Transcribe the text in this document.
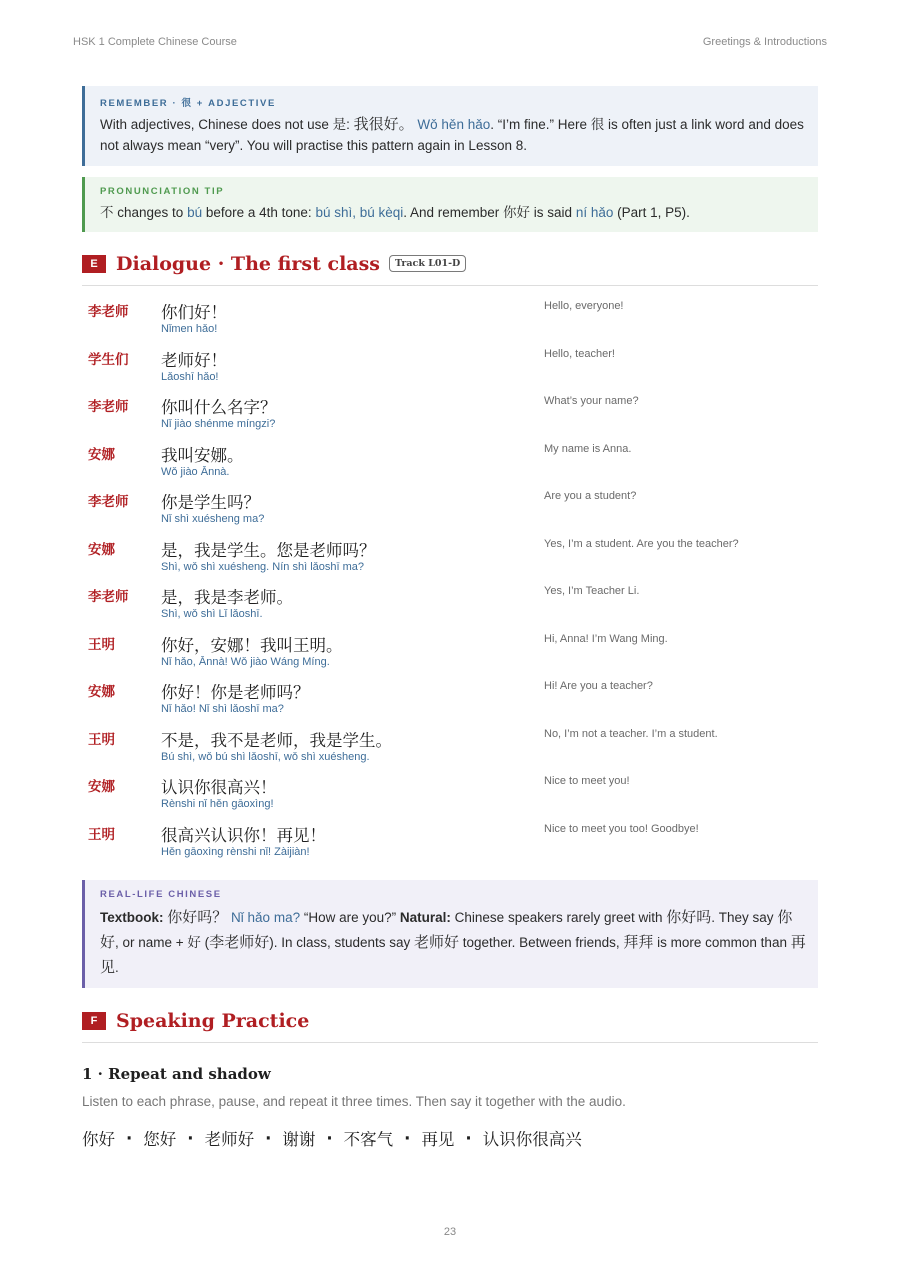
HSK 1 Complete Chinese Course	Greetings & Introductions
REMEMBER · 很 + ADJECTIVE
With adjectives, Chinese does not use 是: 我很好。 Wǒ hěn hǎo. “I’m fine.” Here 很 is often just a link word and does not always mean “very”. You will practise this pattern again in Lesson 8.
PRONUNCIATION TIP
不 changes to bú before a 4th tone: bú shì, bú kèqi. And remember 你好 is said ní hǎo (Part 1, P5).
E Dialogue · The first class	Track L01-D
李老师 你们好！
Nǐmen hǎo!
Hello, everyone!
学生们 老师好！
Lǎoshī hǎo!
Hello, teacher!
李老师 你叫什么名字？
Nǐ jiào shénme míngzi?
What’s your name?
安娜	我叫安娜。
Wǒ jiào Ānnà.
My name is Anna.
李老师 你是学生吗？
Nǐ shì xuésheng ma?
Are you a student?
安娜	是，我是学生。您是老师吗？
Shì, wǒ shì xuésheng. Nín shì lǎoshī ma?
Yes, I’m a student. Are you the teacher?
李老师 是，我是李老师。
Shì, wǒ shì Lǐ lǎoshī.
Yes, I’m Teacher Li.
王明	你好，安娜！我叫王明。
Nǐ hǎo, Ānnà! Wǒ jiào Wáng Míng.
Hi, Anna! I’m Wang Ming.
安娜	你好！你是老师吗？
Nǐ hǎo! Nǐ shì lǎoshī ma?
Hi! Are you a teacher?
王明	不是，我不是老师，我是学生。
Bú shì, wǒ bú shì lǎoshī, wǒ shì xuésheng.
No, I’m not a teacher. I’m a student.
安娜	认识你很高兴！
Rènshi nǐ hěn gāoxìng!
Nice to meet you!
王明	很高兴认识你！再见！
Hěn gāoxìng rènshi nǐ! Zàijiàn!
Nice to meet you too! Goodbye!
REAL-LIFE CHINESE
Textbook: 你好吗？ Nǐ hǎo ma? “How are you?” Natural: Chinese speakers rarely greet with 你好吗. They say 你好, or name + 好 (李老师好). In class, students say 老师好 together. Between friends, 拜拜 is more common than 再见.
F Speaking Practice
1 · Repeat and shadow
Listen to each phrase, pause, and repeat it three times. Then say it together with the audio.
你好 · 您好 · 老师好 · 谢谢 · 不客气 · 再见 · 认识你很高兴
23
